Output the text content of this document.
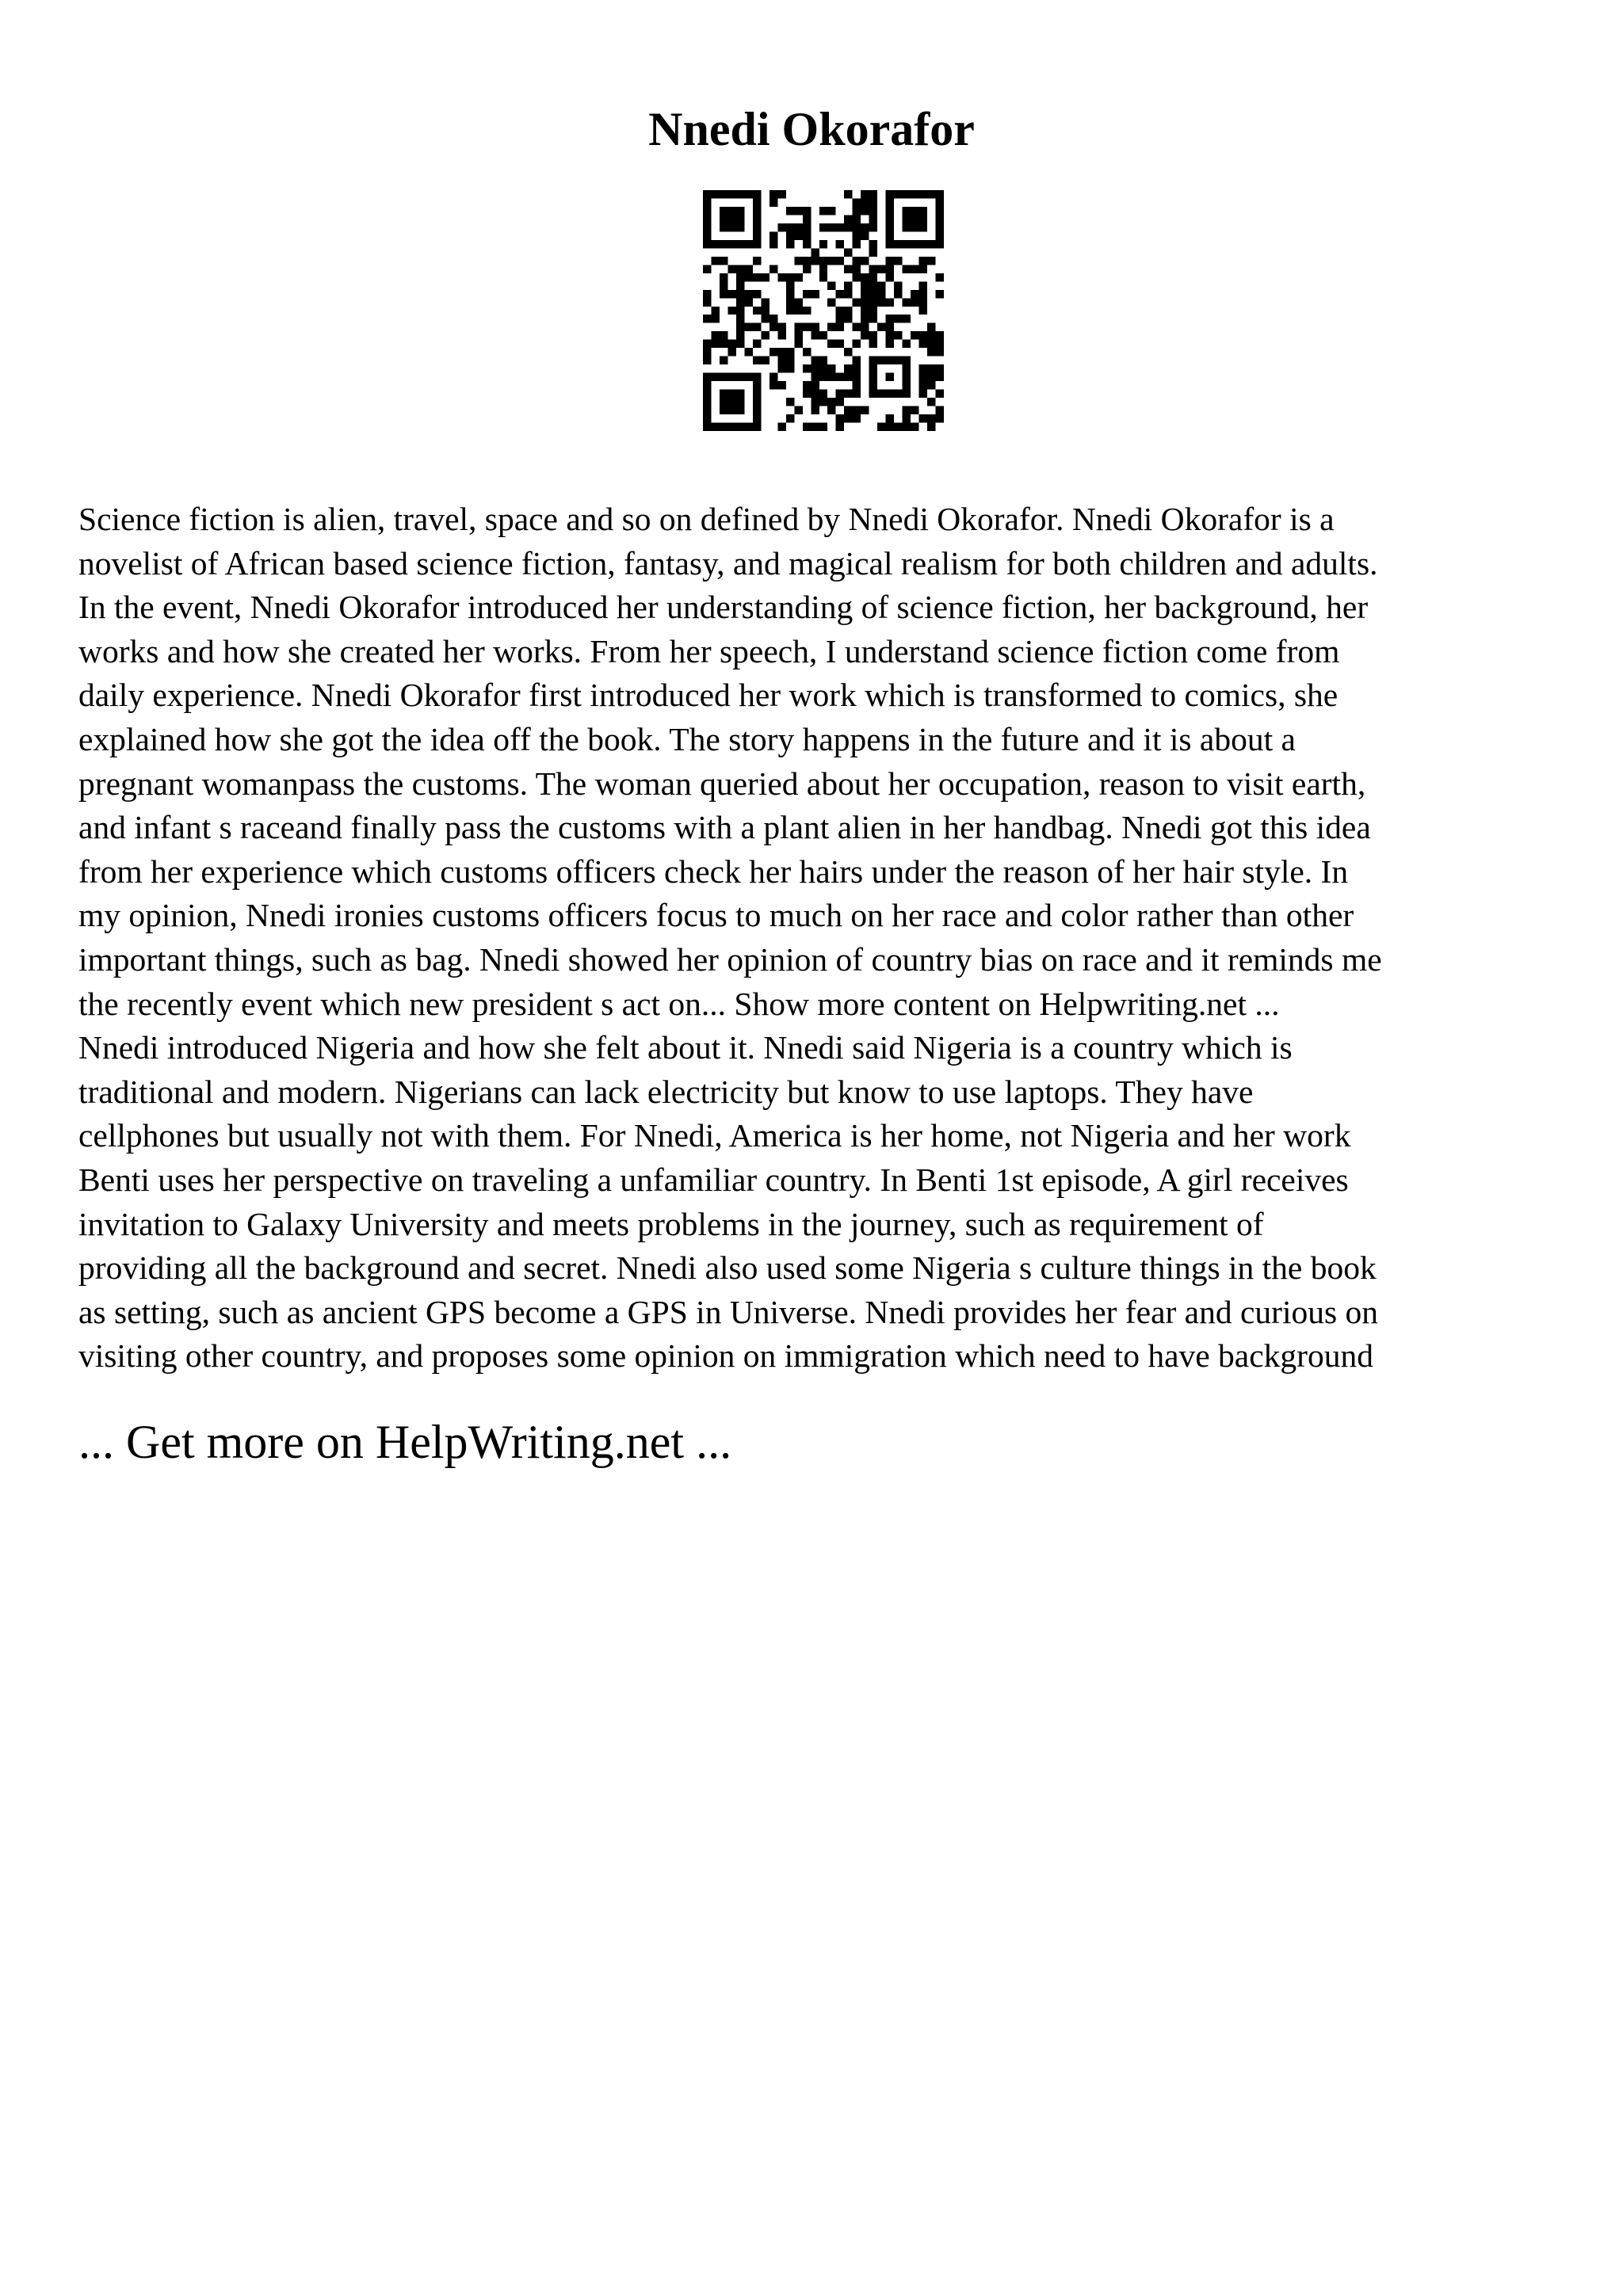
Nnedi Okorafor
Science fiction is alien, travel, space and so on defined by Nnedi Okorafor. Nnedi Okorafor is a
novelist of African based science fiction, fantasy, and magical realism for both children and adults.
In the event, Nnedi Okorafor introduced her understanding of science fiction, her background, her
works and how she created her works. From her speech, I understand science fiction come from
daily experience. Nnedi Okorafor first introduced her work which is transformed to comics, she
explained how she got the idea off the book. The story happens in the future and it is about a
pregnant womanpass the customs. The woman queried about her occupation, reason to visit earth,
and infant s raceand finally pass the customs with a plant alien in her handbag. Nnedi got this idea
from her experience which customs officers check her hairs under the reason of her hair style. In
my opinion, Nnedi ironies customs officers focus to much on her race and color rather than other
important things, such as bag. Nnedi showed her opinion of country bias on race and it reminds me
the recently event which new president s act on... Show more content on Helpwriting.net ...
Nnedi introduced Nigeria and how she felt about it. Nnedi said Nigeria is a country which is
traditional and modern. Nigerians can lack electricity but know to use laptops. They have
cellphones but usually not with them. For Nnedi, America is her home, not Nigeria and her work
Benti uses her perspective on traveling a unfamiliar country. In Benti 1st episode, A girl receives
invitation to Galaxy University and meets problems in the journey, such as requirement of
providing all the background and secret. Nnedi also used some Nigeria s culture things in the book
as setting, such as ancient GPS become a GPS in Universe. Nnedi provides her fear and curious on
visiting other country, and proposes some opinion on immigration which need to have background

... Get more on HelpWriting.net ...
